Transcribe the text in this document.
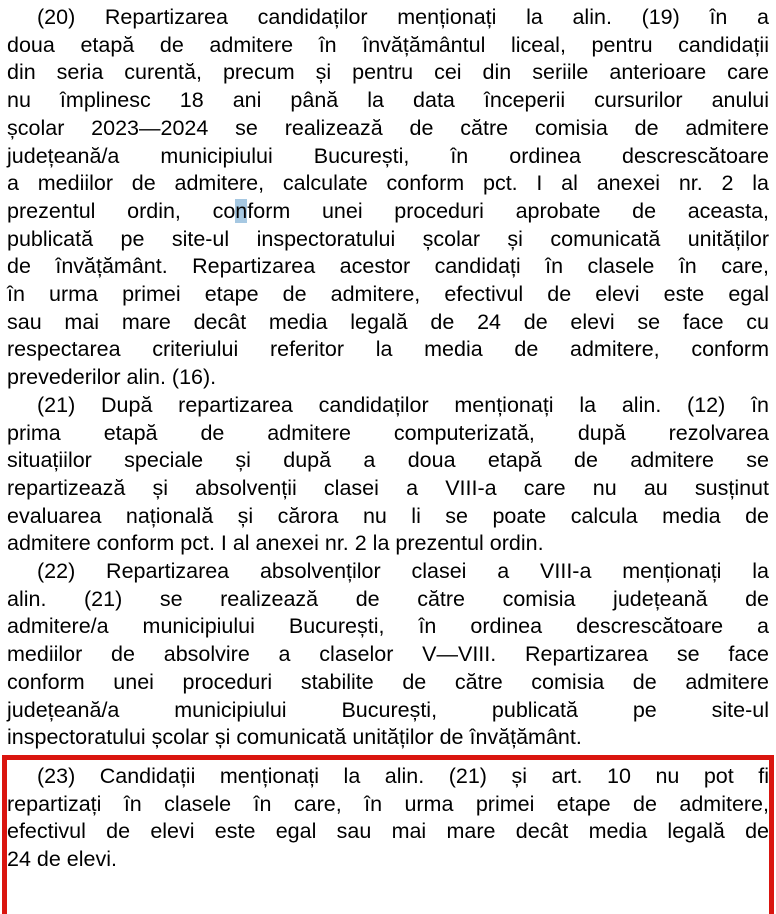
(20) Repartizarea candidaților menționați la alin. (19) în a
doua etapă de admitere în învățământul liceal, pentru candidații
din seria curentă, precum și pentru cei din seriile anterioare care
nu împlinesc 18 ani până la data începerii cursurilor anului
școlar 2023—2024 se realizează de către comisia de admitere
județeană/a municipiului București, în ordinea descrescătoare
a mediilor de admitere, calculate conform pct. I al anexei nr. 2 la
prezentul ordin, conform unei proceduri aprobate de aceasta,
publicată pe site-ul inspectoratului școlar și comunicată unităților
de învățământ. Repartizarea acestor candidați în clasele în care,
în urma primei etape de admitere, efectivul de elevi este egal
sau mai mare decât media legală de 24 de elevi se face cu
respectarea criteriului referitor la media de admitere, conform
prevederilor alin. (16).
(21) După repartizarea candidaților menționați la alin. (12) în
prima etapă de admitere computerizată, după rezolvarea
situațiilor speciale și după a doua etapă de admitere se
repartizează și absolvenții clasei a VIII-a care nu au susținut
evaluarea națională și cărora nu li se poate calcula media de
admitere conform pct. I al anexei nr. 2 la prezentul ordin.
(22) Repartizarea absolvenților clasei a VIII-a menționați la
alin. (21) se realizează de către comisia județeană de
admitere/a municipiului București, în ordinea descrescătoare a
mediilor de absolvire a claselor V—VIII. Repartizarea se face
conform unei proceduri stabilite de către comisia de admitere
județeană/a municipiului București, publicată pe site-ul
inspectoratului școlar și comunicată unităților de învățământ.
(23) Candidații menționați la alin. (21) și art. 10 nu pot fi
repartizați în clasele în care, în urma primei etape de admitere,
efectivul de elevi este egal sau mai mare decât media legală de
24 de elevi.
